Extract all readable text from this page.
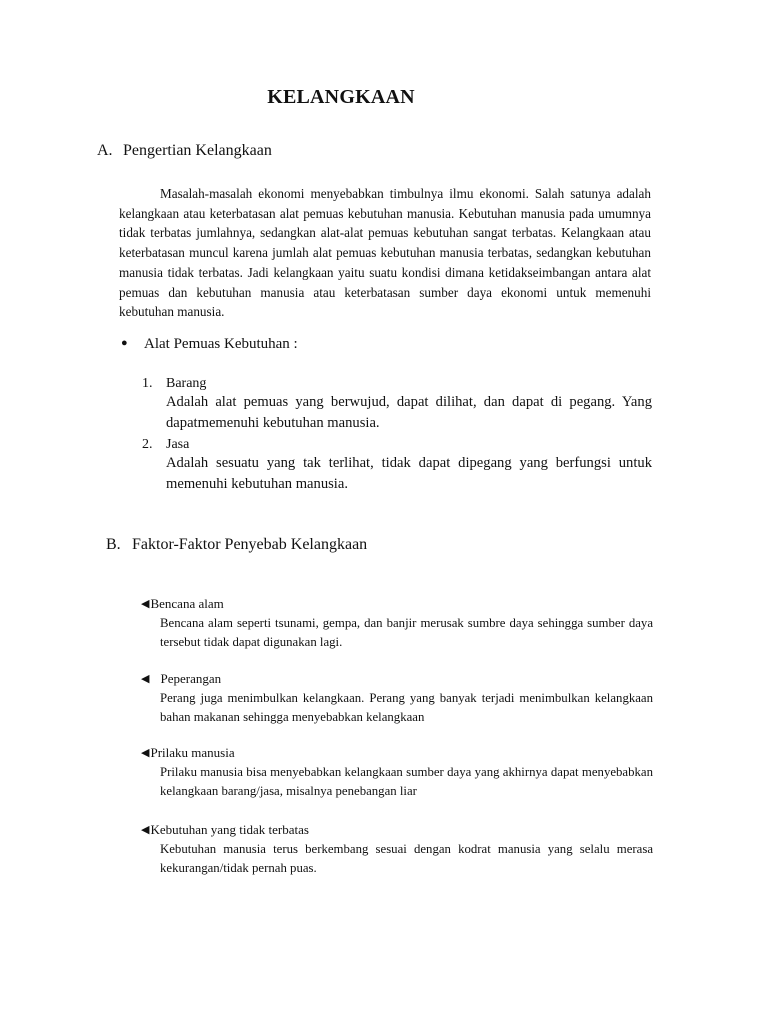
KELANGKAAN
A. Pengertian Kelangkaan
Masalah-masalah ekonomi menyebabkan timbulnya ilmu ekonomi. Salah satunya adalah kelangkaan atau keterbatasan alat pemuas kebutuhan manusia. Kebutuhan manusia pada umumnya tidak terbatas jumlahnya, sedangkan alat-alat pemuas kebutuhan sangat terbatas. Kelangkaan atau keterbatasan muncul karena jumlah alat pemuas kebutuhan manusia terbatas, sedangkan kebutuhan manusia tidak terbatas. Jadi kelangkaan yaitu suatu kondisi dimana ketidakseimbangan antara alat pemuas dan kebutuhan manusia atau keterbatasan sumber daya ekonomi untuk memenuhi kebutuhan manusia.
● Alat Pemuas Kebutuhan :
1. Barang
Adalah alat pemuas yang berwujud, dapat dilihat, dan dapat di pegang. Yang dapatmemenuhi kebutuhan manusia.
2. Jasa
Adalah sesuatu yang tak terlihat, tidak dapat dipegang yang berfungsi untuk memenuhi kebutuhan manusia.
B. Faktor-Faktor Penyebab Kelangkaan
◀Bencana alam
Bencana alam seperti tsunami, gempa, dan banjir merusak sumbre daya sehingga sumber daya tersebut tidak dapat digunakan lagi.
◀ Peperangan
Perang juga menimbulkan kelangkaan. Perang yang banyak terjadi menimbulkan kelangkaan bahan makanan sehingga menyebabkan kelangkaan
◀Prilaku manusia
Prilaku manusia bisa menyebabkan kelangkaan sumber daya yang akhirnya dapat menyebabkan kelangkaan barang/jasa, misalnya penebangan liar
◀Kebutuhan yang tidak terbatas
Kebutuhan manusia terus berkembang sesuai dengan kodrat manusia yang selalu merasa kekurangan/tidak pernah puas.
